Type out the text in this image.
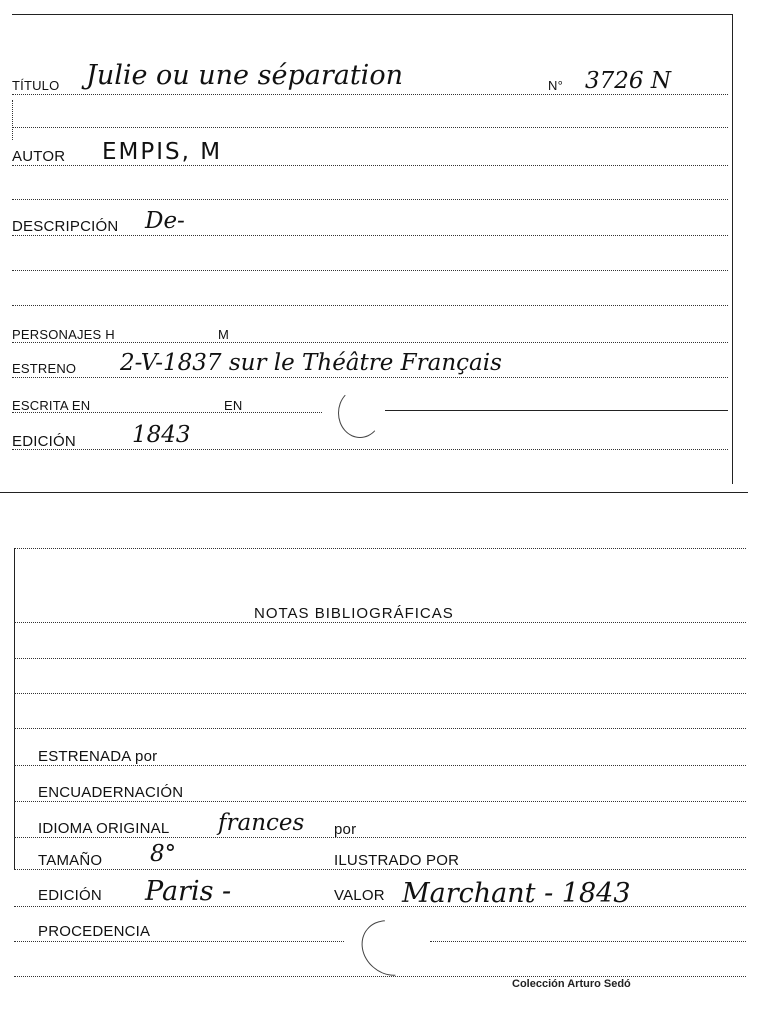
TÍTULO Julie ou une séparation	N° 3726 N
AUTOR EMPIS, M
DESCRIPCIÓN De-
PERSONAJES H	M
ESTRENO 2-V-1837 sur le Théâtre Français
ESCRITA EN	EN
EDICIÓN 1843
NOTAS BIBLIOGRÁFICAS
ESTRENADA por
ENCUADERNACIÓN
IDIOMA ORIGINAL frances por
TAMAÑO 8°	ILUSTRADO POR
EDICIÓN Paris -	VALOR Marchant - 1843
PROCEDENCIA
Colección Arturo Sedó
